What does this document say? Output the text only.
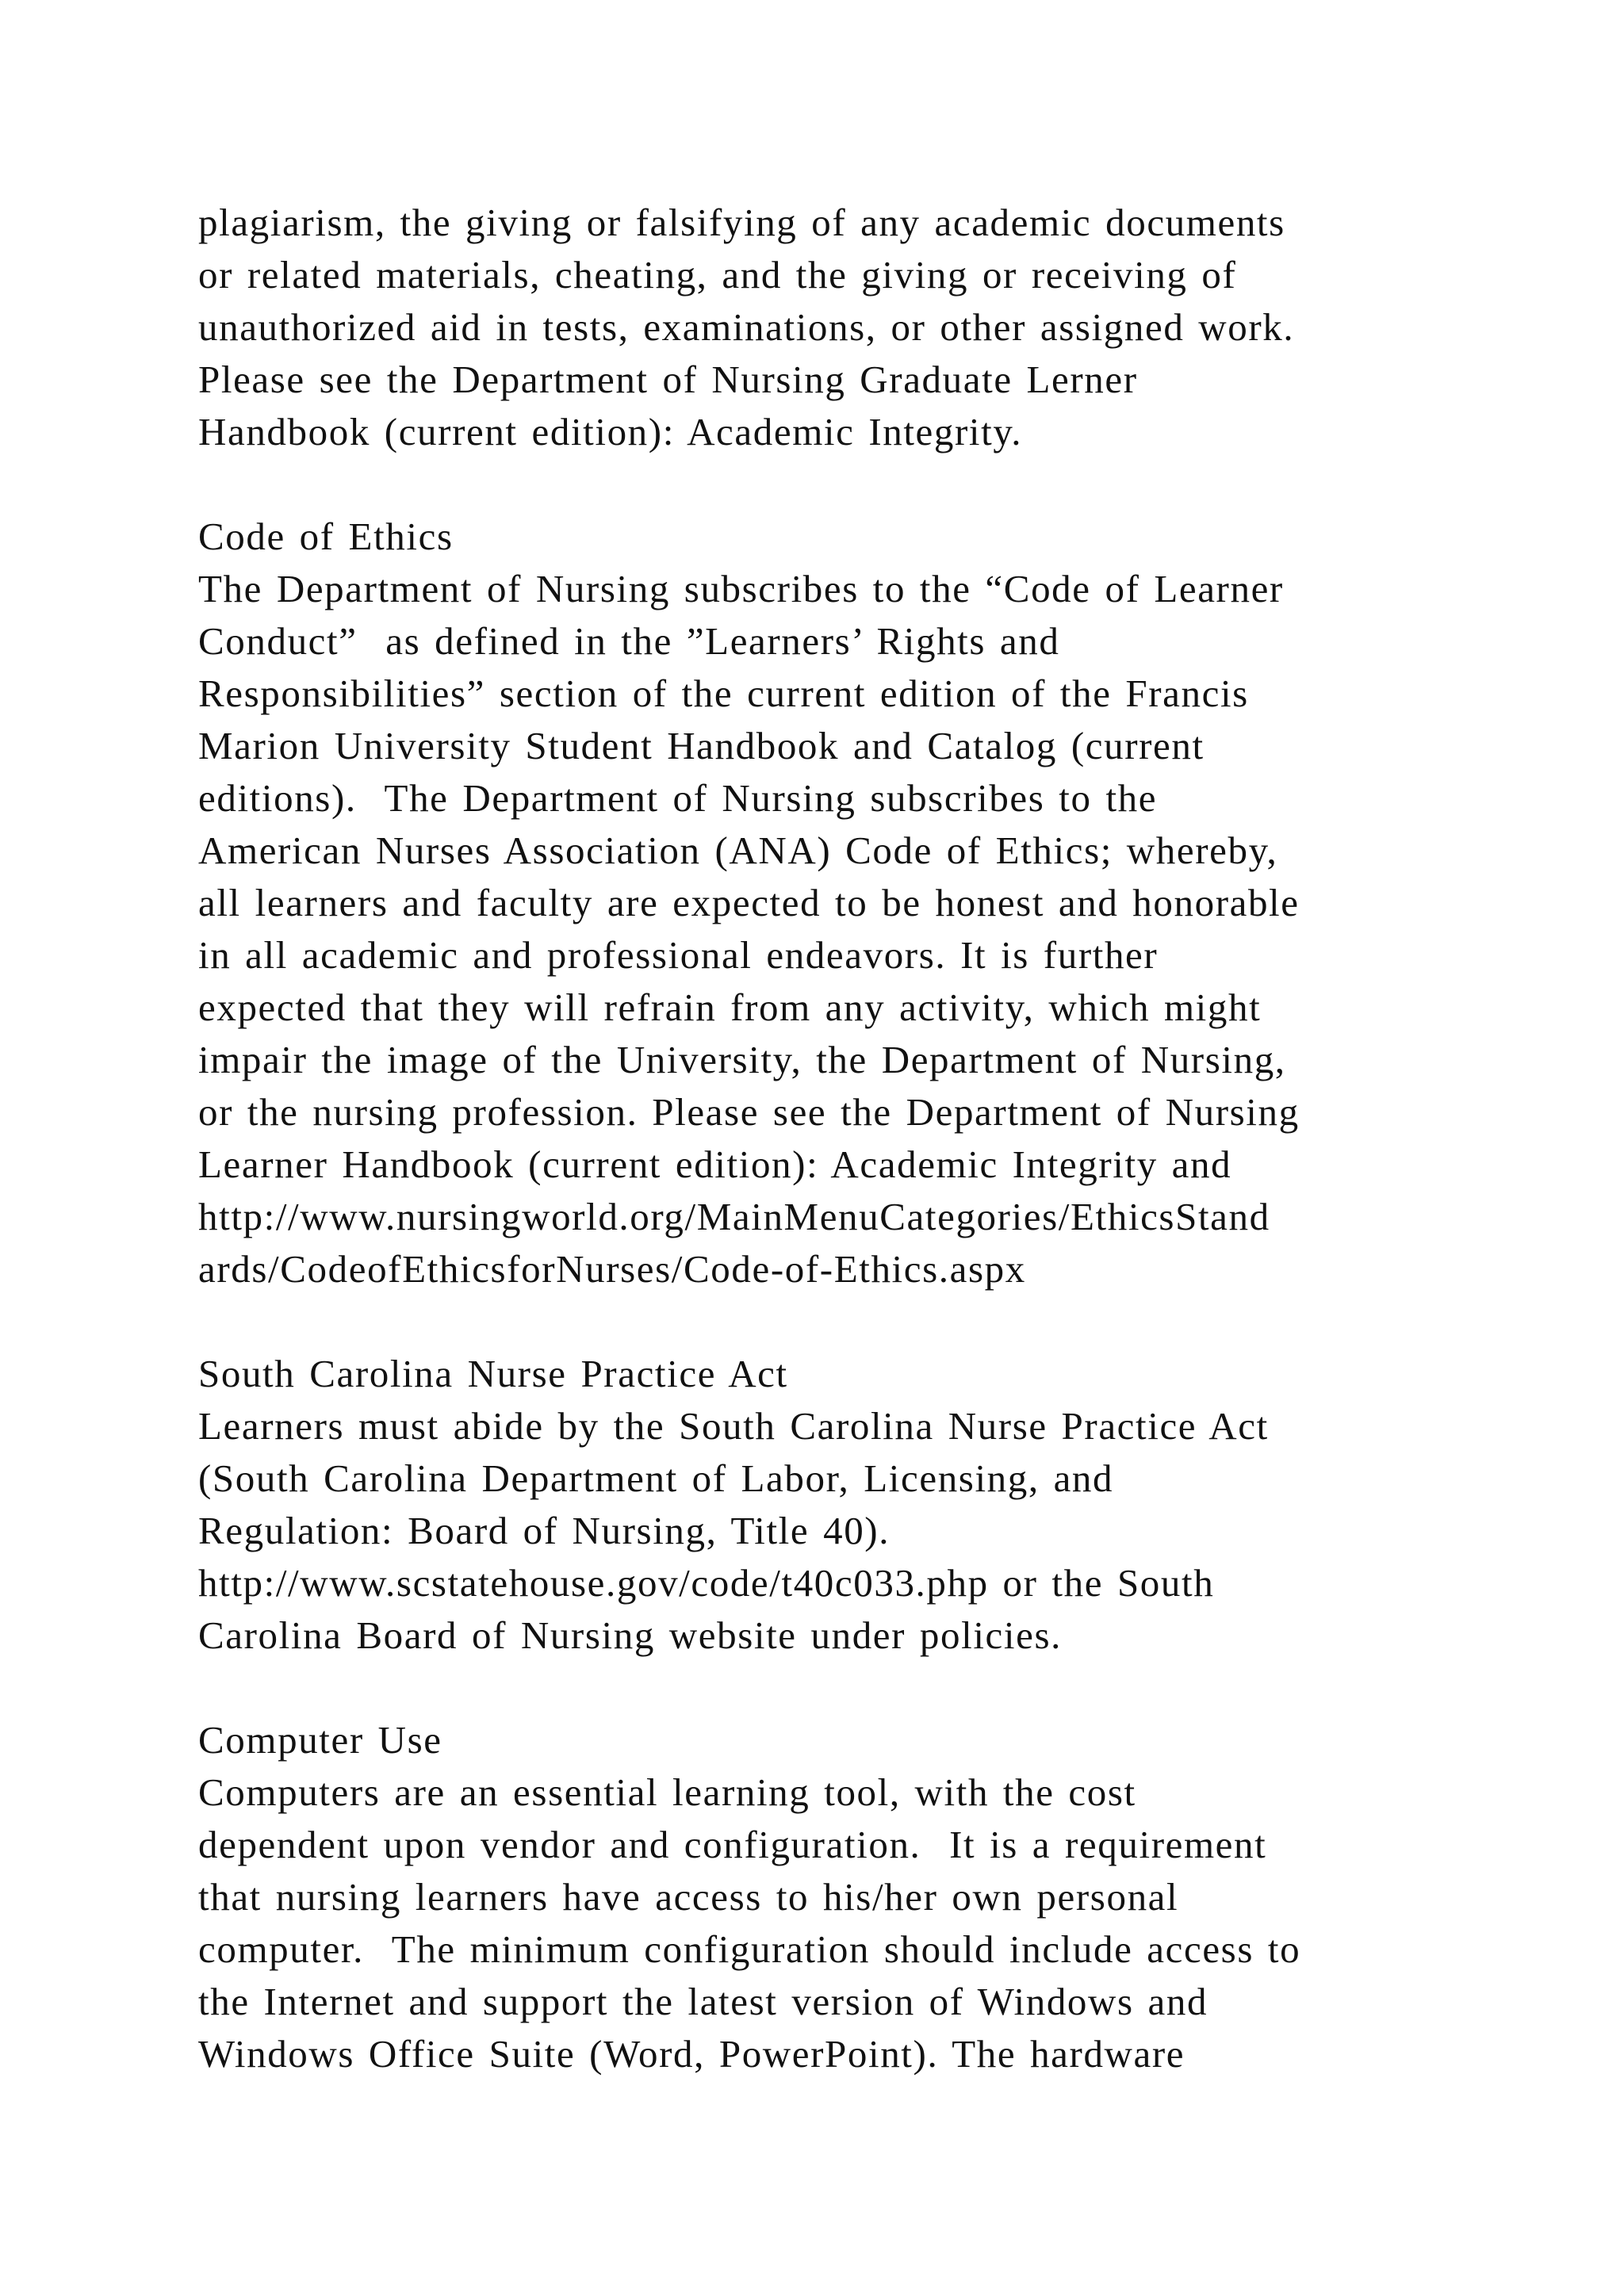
plagiarism, the giving or falsifying of any academic documents
or related materials, cheating, and the giving or receiving of
unauthorized aid in tests, examinations, or other assigned work.
Please see the Department of Nursing Graduate Lerner
Handbook (current edition): Academic Integrity.
Code of Ethics
The Department of Nursing subscribes to the “Code of Learner
Conduct”  as defined in the ”Learners’ Rights and
Responsibilities” section of the current edition of the Francis
Marion University Student Handbook and Catalog (current
editions).  The Department of Nursing subscribes to the
American Nurses Association (ANA) Code of Ethics; whereby,
all learners and faculty are expected to be honest and honorable
in all academic and professional endeavors. It is further
expected that they will refrain from any activity, which might
impair the image of the University, the Department of Nursing,
or the nursing profession. Please see the Department of Nursing
Learner Handbook (current edition): Academic Integrity and
http://www.nursingworld.org/MainMenuCategories/EthicsStand
ards/CodeofEthicsforNurses/Code-of-Ethics.aspx
South Carolina Nurse Practice Act
Learners must abide by the South Carolina Nurse Practice Act
(South Carolina Department of Labor, Licensing, and
Regulation: Board of Nursing, Title 40).
http://www.scstatehouse.gov/code/t40c033.php or the South
Carolina Board of Nursing website under policies.
Computer Use
Computers are an essential learning tool, with the cost
dependent upon vendor and configuration.  It is a requirement
that nursing learners have access to his/her own personal
computer.  The minimum configuration should include access to
the Internet and support the latest version of Windows and
Windows Office Suite (Word, PowerPoint). The hardware
